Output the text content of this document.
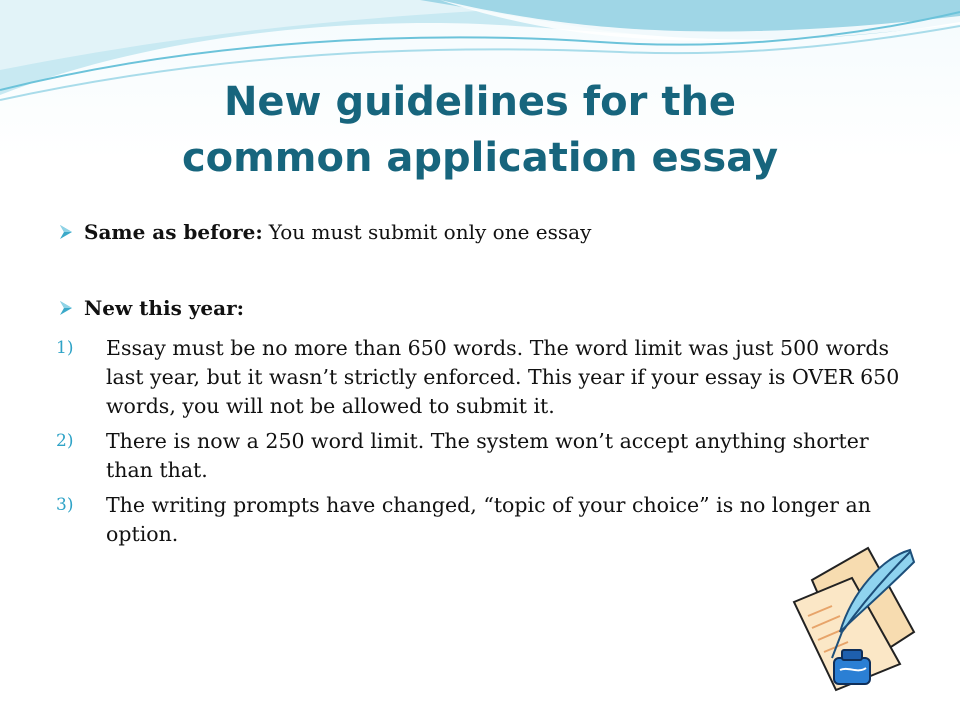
New guidelines for the
common application essay
Same as before: You must submit only one essay
New this year:
1)	Essay must be no more than 650 words. The word limit was just 500 words last year, but it wasn’t strictly enforced. This year if your essay is OVER 650 words, you will not be allowed to submit it.
2)	There is now a 250 word limit. The system won’t accept anything shorter than that.
3)	The writing prompts have changed, “topic of your choice” is no longer an option.
